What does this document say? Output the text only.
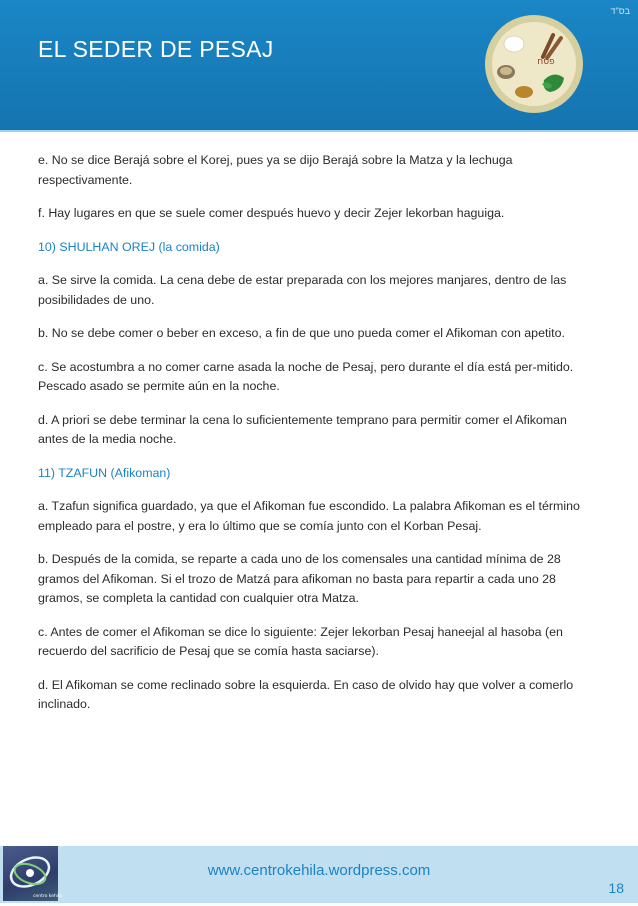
EL SEDER DE PESAJ
בס"ד
פסח

e. No se dice Berajá sobre el Korej, pues ya se dijo Berajá sobre la Matza y la lechuga respectivamente.

f. Hay lugares en que se suele comer después huevo y decir Zejer lekorban haguiga.

10) SHULHAN OREJ (la comida)

a. Se sirve la comida. La cena debe de estar preparada con los mejores manjares, dentro de las posibilidades de uno.

b. No se debe comer o beber en exceso, a fin de que uno pueda comer el Afikoman con apetito.

c. Se acostumbra a no comer carne asada la noche de Pesaj, pero durante el día está per-mitido. Pescado asado se permite aún en la noche.

d. A priori se debe terminar la cena lo suficientemente temprano para permitir comer el Afikoman antes de la media noche.

11) TZAFUN (Afikoman)

a. Tzafun significa guardado, ya que el Afikoman fue escondido. La palabra Afikoman es el término empleado para el postre, y era lo último que se comía junto con el Korban Pesaj.

b. Después de la comida, se reparte a cada uno de los comensales una cantidad mínima de 28 gramos del Afikoman. Si el trozo de Matzá para afikoman no basta para repartir a cada uno 28 gramos, se completa la cantidad con cualquier otra Matza.

c. Antes de comer el Afikoman se dice lo siguiente: Zejer lekorban Pesaj haneejal al hasoba (en recuerdo del sacrificio de Pesaj que se comía hasta saciarse).

d. El Afikoman se come reclinado sobre la esquierda. En caso de olvido hay que volver a comerlo inclinado.

centro kehila
www.centrokehila.wordpress.com
18
